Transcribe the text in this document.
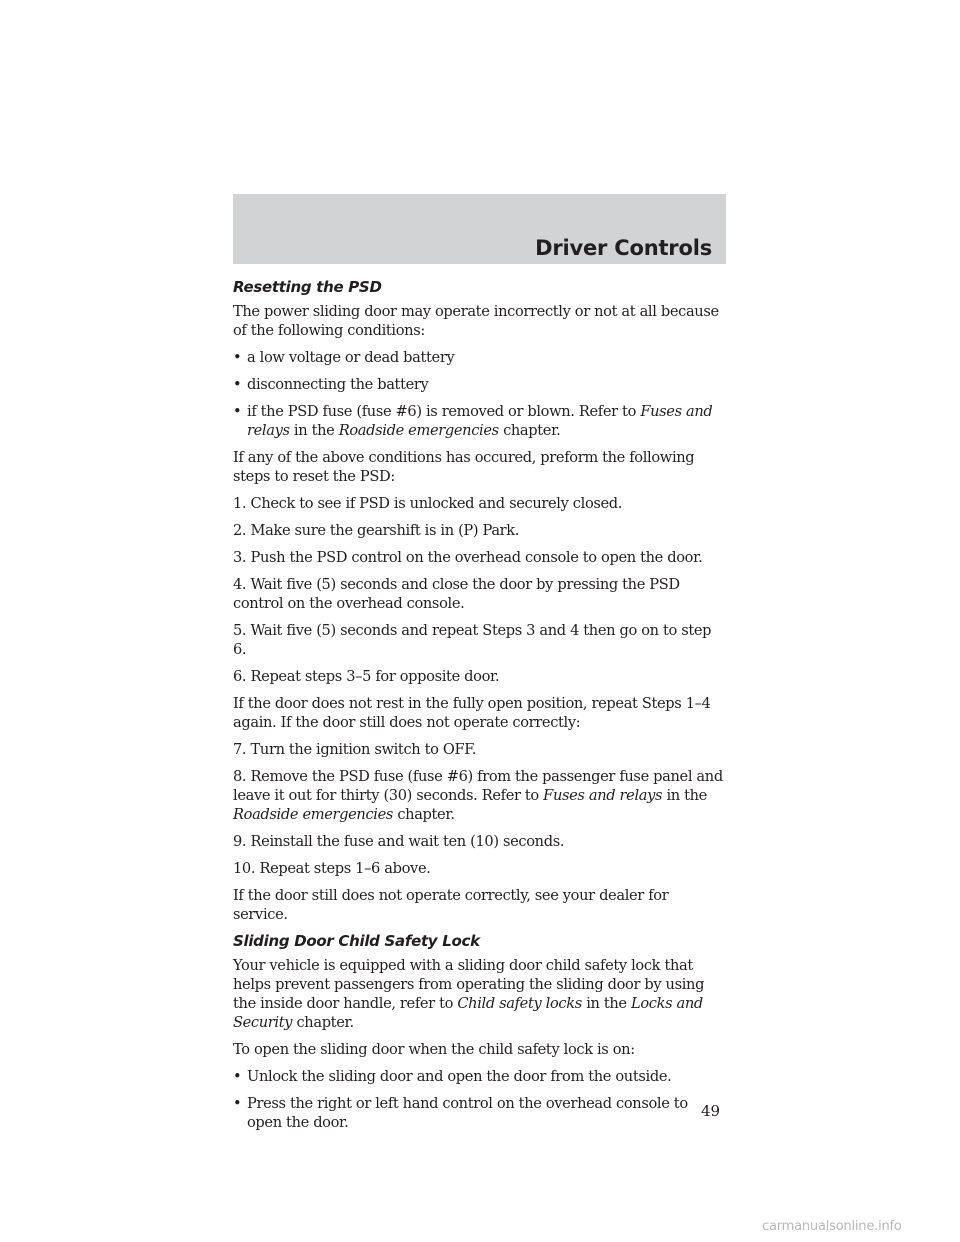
Driver Controls
Resetting the PSD

The power sliding door may operate incorrectly or not at all because of the following conditions:

• a low voltage or dead battery
• disconnecting the battery
• if the PSD fuse (fuse #6) is removed or blown. Refer to Fuses and relays in the Roadside emergencies chapter.

If any of the above conditions has occured, preform the following steps to reset the PSD:

1. Check to see if PSD is unlocked and securely closed.

2. Make sure the gearshift is in (P) Park.

3. Push the PSD control on the overhead console to open the door.

4. Wait five (5) seconds and close the door by pressing the PSD control on the overhead console.

5. Wait five (5) seconds and repeat Steps 3 and 4 then go on to step 6.

6. Repeat steps 3–5 for opposite door.

If the door does not rest in the fully open position, repeat Steps 1–4 again. If the door still does not operate correctly:

7. Turn the ignition switch to OFF.

8. Remove the PSD fuse (fuse #6) from the passenger fuse panel and leave it out for thirty (30) seconds. Refer to Fuses and relays in the Roadside emergencies chapter.

9. Reinstall the fuse and wait ten (10) seconds.

10. Repeat steps 1–6 above.

If the door still does not operate correctly, see your dealer for service.

Sliding Door Child Safety Lock

Your vehicle is equipped with a sliding door child safety lock that helps prevent passengers from operating the sliding door by using the inside door handle, refer to Child safety locks in the Locks and Security chapter.

To open the sliding door when the child safety lock is on:

• Unlock the sliding door and open the door from the outside.
• Press the right or left hand control on the overhead console to open the door.
49
carmanualsonline.info
